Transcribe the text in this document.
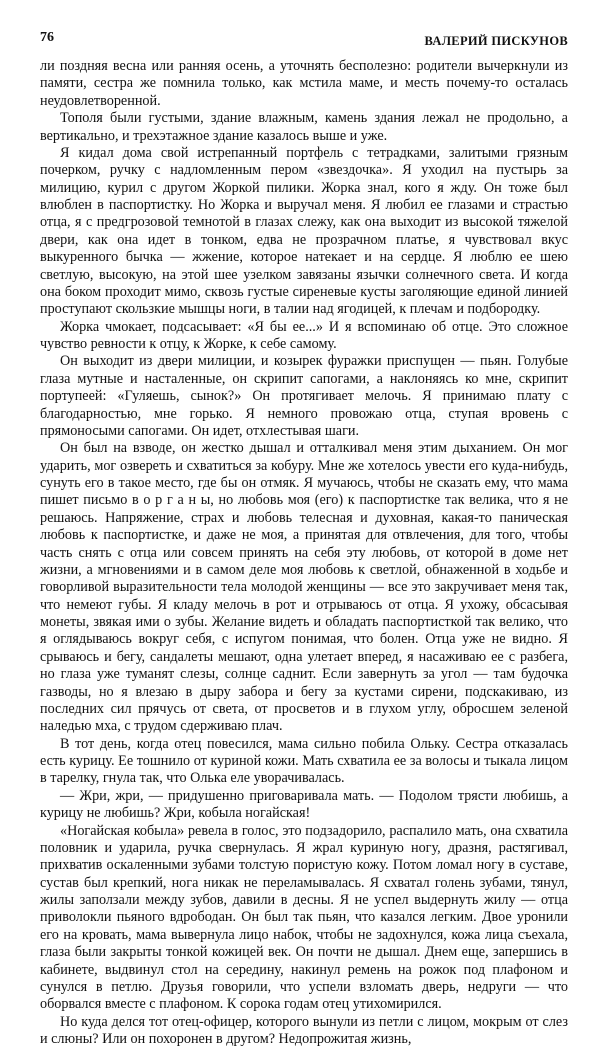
76	ВАЛЕРИЙ ПИСКУНОВ

ли поздняя весна или ранняя осень, а уточнять бесполезно: родители вычеркнули из памяти, сестра же помнила только, как мстила маме, и месть почему-то осталась неудовлетворенной.

Тополя были густыми, здание влажным, камень здания лежал не продольно, а вертикально, и трехэтажное здание казалось выше и уже.

Я кидал дома свой истрепанный портфель с тетрадками, залитыми грязным почерком, ручку с надломленным пером «звездочка». Я уходил на пустырь за милицию, курил с другом Жоркой пилики. Жорка знал, кого я жду. Он тоже был влюблен в паспортистку. Но Жорка и выручал меня. Я любил ее глазами и страстью отца, я с предгрозовой темнотой в глазах слежу, как она выходит из высокой тяжелой двери, как она идет в тонком, едва не прозрачном платье, я чувствовал вкус выкуренного бычка — жжение, которое натекает и на сердце. Я люблю ее шею светлую, высокую, на этой шее узелком завязаны язычки солнечного света. И когда она боком проходит мимо, сквозь густые сиреневые кусты заголяющие единой линией проступают скользкие мышцы ноги, в талии над ягодицей, к плечам и подбородку.

Жорка чмокает, подсасывает: «Я бы ее...» И я вспоминаю об отце. Это сложное чувство ревности к отцу, к Жорке, к себе самому.

Он выходит из двери милиции, и козырек фуражки приспущен — пьян. Голубые глаза мутные и насталенные, он скрипит сапогами, а наклоняясь ко мне, скрипит портупеей: «Гуляешь, сынок?» Он протягивает мелочь. Я принимаю плату с благодарностью, мне горько. Я немного провожаю отца, ступая вровень с прямоносыми сапогами. Он идет, отхлестывая шаги.

Он был на взводе, он жестко дышал и отталкивал меня этим дыханием. Он мог ударить, мог озвереть и схватиться за кобуру. Мне же хотелось увести его куда-нибудь, сунуть его в такое место, где бы он отмяк. Я мучаюсь, чтобы не сказать ему, что мама пишет письмо в о р г а н ы, но любовь моя (его) к паспортистке так велика, что я не решаюсь. Напряжение, страх и любовь телесная и духовная, какая-то паническая любовь к паспортистке, и даже не моя, а принятая для отвлечения, для того, чтобы часть снять с отца или совсем принять на себя эту любовь, от которой в доме нет жизни, а мгновениями и в самом деле моя любовь к светлой, обнаженной в ходьбе и говорливой выразительности тела молодой женщины — все это закручивает меня так, что немеют губы. Я кладу мелочь в рот и отрываюсь от отца. Я ухожу, обсасывая монеты, звякая ими о зубы. Желание видеть и обладать паспортисткой так велико, что я оглядываюсь вокруг себя, с испугом понимая, что болен. Отца уже не видно. Я срываюсь и бегу, сандалеты мешают, одна улетает вперед, я насаживаю ее с разбега, но глаза уже туманят слезы, солнце саднит. Если завернуть за угол — там будочка газводы, но я влезаю в дыру забора и бегу за кустами сирени, подскакиваю, из последних сил прячусь от света, от просветов и в глухом углу, обросшем зеленой наледью мха, с трудом сдерживаю плач.

В тот день, когда отец повесился, мама сильно побила Ольку. Сестра отказалась есть курицу. Ее тошнило от куриной кожи. Мать схватила ее за волосы и тыкала лицом в тарелку, гнула так, что Олька еле уворачивалась.

— Жри, жри, — придушенно приговаривала мать. — Подолом трясти любишь, а курицу не любишь? Жри, кобыла ногайская!

«Ногайская кобыла» ревела в голос, это подзадорило, распалило мать, она схватила половник и ударила, ручка свернулась. Я жрал куриную ногу, дразня, растягивал, прихватив оскаленными зубами толстую пористую кожу. Потом ломал ногу в суставе, сустав был крепкий, нога никак не переламывалась. Я схватал голень зубами, тянул, жилы заползали между зубов, давили в десны. Я не успел выдернуть жилу — отца приволокли пьяного вдрободан. Он был так пьян, что казался легким. Двое уронили его на кровать, мама вывернула лицо набок, чтобы не задохнулся, кожа лица съехала, глаза были закрыты тонкой кожицей век. Он почти не дышал. Днем еще, запершись в кабинете, выдвинул стол на середину, накинул ремень на рожок под плафоном и сунулся в петлю. Друзья говорили, что успели взломать дверь, недруги — что оборвался вместе с плафоном. К сорока годам отец утихомирился.

Но куда делся тот отец-офицер, которого вынули из петли с лицом, мокрым от слез и слюны? Или он похоронен в другом? Недопрожитая жизнь,
